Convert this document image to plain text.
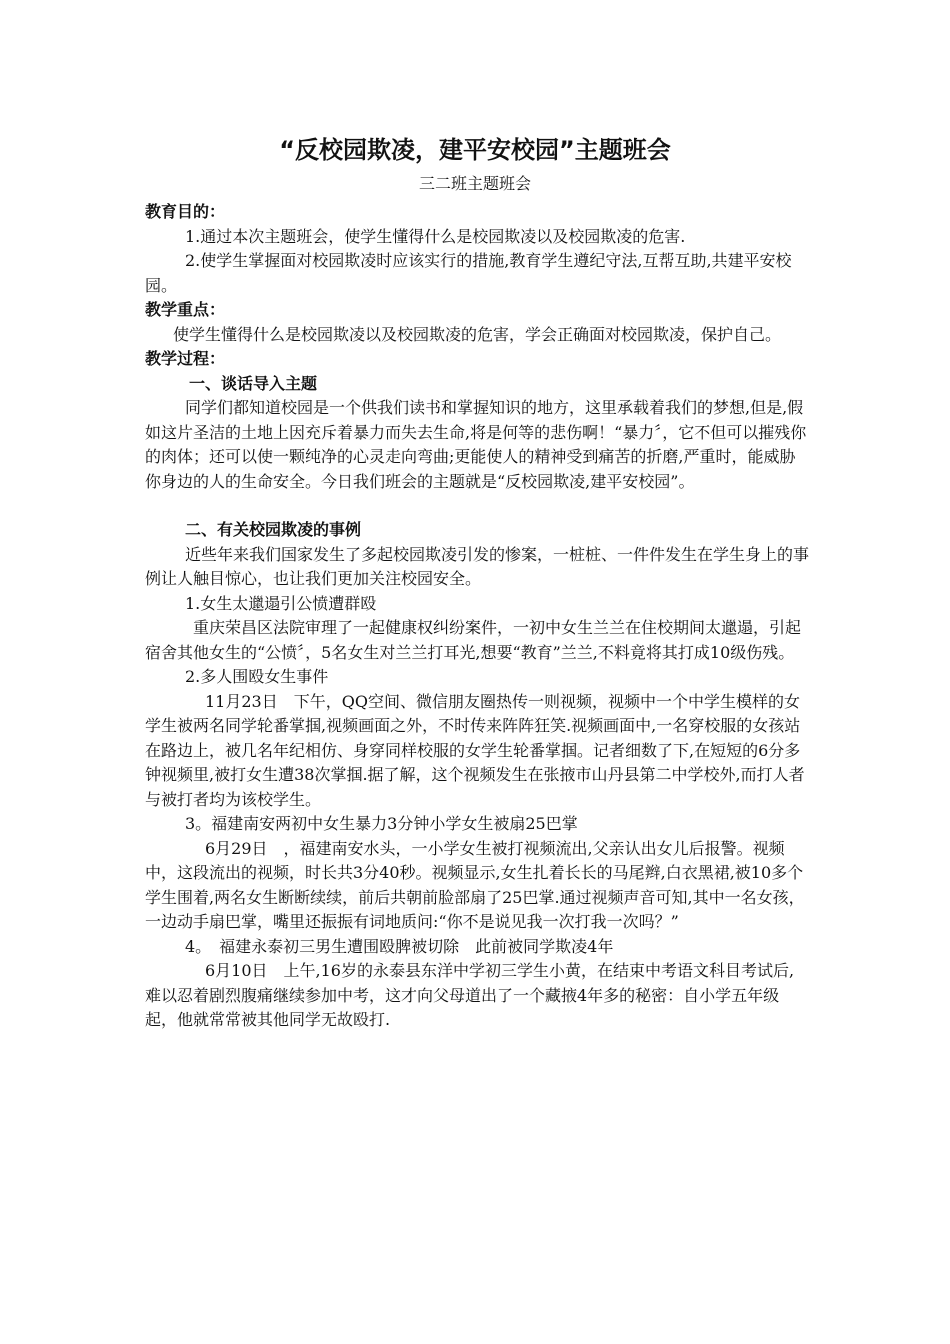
“反校园欺凌，建平安校园”主题班会
三二班主题班会

教育目的：

1.通过本次主题班会，使学生懂得什么是校园欺凌以及校园欺凌的危害.

2.使学生掌握面对校园欺凌时应该实行的措施,教育学生遵纪守法,互帮互助,共建平安校园。

教学重点：

使学生懂得什么是校园欺凌以及校园欺凌的危害，学会正确面对校园欺凌，保护自己。

教学过程：

一、谈话导入主题

同学们都知道校园是一个供我们读书和掌握知识的地方，这里承载着我们的梦想,但是,假如这片圣洁的土地上因充斥着暴力而失去生命,将是何等的悲伤啊！“暴力〞，它不但可以摧残你的肉体；还可以使一颗纯净的心灵走向弯曲;更能使人的精神受到痛苦的折磨,严重时，能威胁你身边的人的生命安全。今日我们班会的主题就是“反校园欺凌,建平安校园”。

二、有关校园欺凌的事例

近些年来我们国家发生了多起校园欺凌引发的惨案，一桩桩、一件件发生在学生身上的事例让人触目惊心，也让我们更加关注校园安全。

1.女生太邋遢引公愤遭群殴

重庆荣昌区法院审理了一起健康权纠纷案件，一初中女生兰兰在住校期间太邋遢，引起宿舍其他女生的“公愤〞，5名女生对兰兰打耳光,想要“教育”兰兰,不料竟将其打成10级伤残。

2.多人围殴女生事件

11月23日　下午，QQ空间、微信朋友圈热传一则视频，视频中一个中学生模样的女学生被两名同学轮番掌掴,视频画面之外，不时传来阵阵狂笑.视频画面中,一名穿校服的女孩站在路边上，被几名年纪相仿、身穿同样校服的女学生轮番掌掴。记者细数了下,在短短的6分多钟视频里,被打女生遭38次掌掴.据了解，这个视频发生在张掖市山丹县第二中学校外,而打人者与被打者均为该校学生。

3。福建南安两初中女生暴力3分钟小学女生被扇25巴掌

6月29日　，福建南安水头，一小学女生被打视频流出,父亲认出女儿后报警。视频中，这段流出的视频，时长共3分40秒。视频显示,女生扎着长长的马尾辫,白衣黑裙,被10多个学生围着,两名女生断断续续，前后共朝前脸部扇了25巴掌.通过视频声音可知,其中一名女孩，一边动手扇巴掌，嘴里还振振有词地质问:“你不是说见我一次打我一次吗？”

4。　福建永泰初三男生遭围殴脾被切除　此前被同学欺凌4年

6月10日　上午,16岁的永泰县东洋中学初三学生小黄，在结束中考语文科目考试后,难以忍着剧烈腹痛继续参加中考，这才向父母道出了一个藏掖4年多的秘密：自小学五年级起，他就常常被其他同学无故殴打.
